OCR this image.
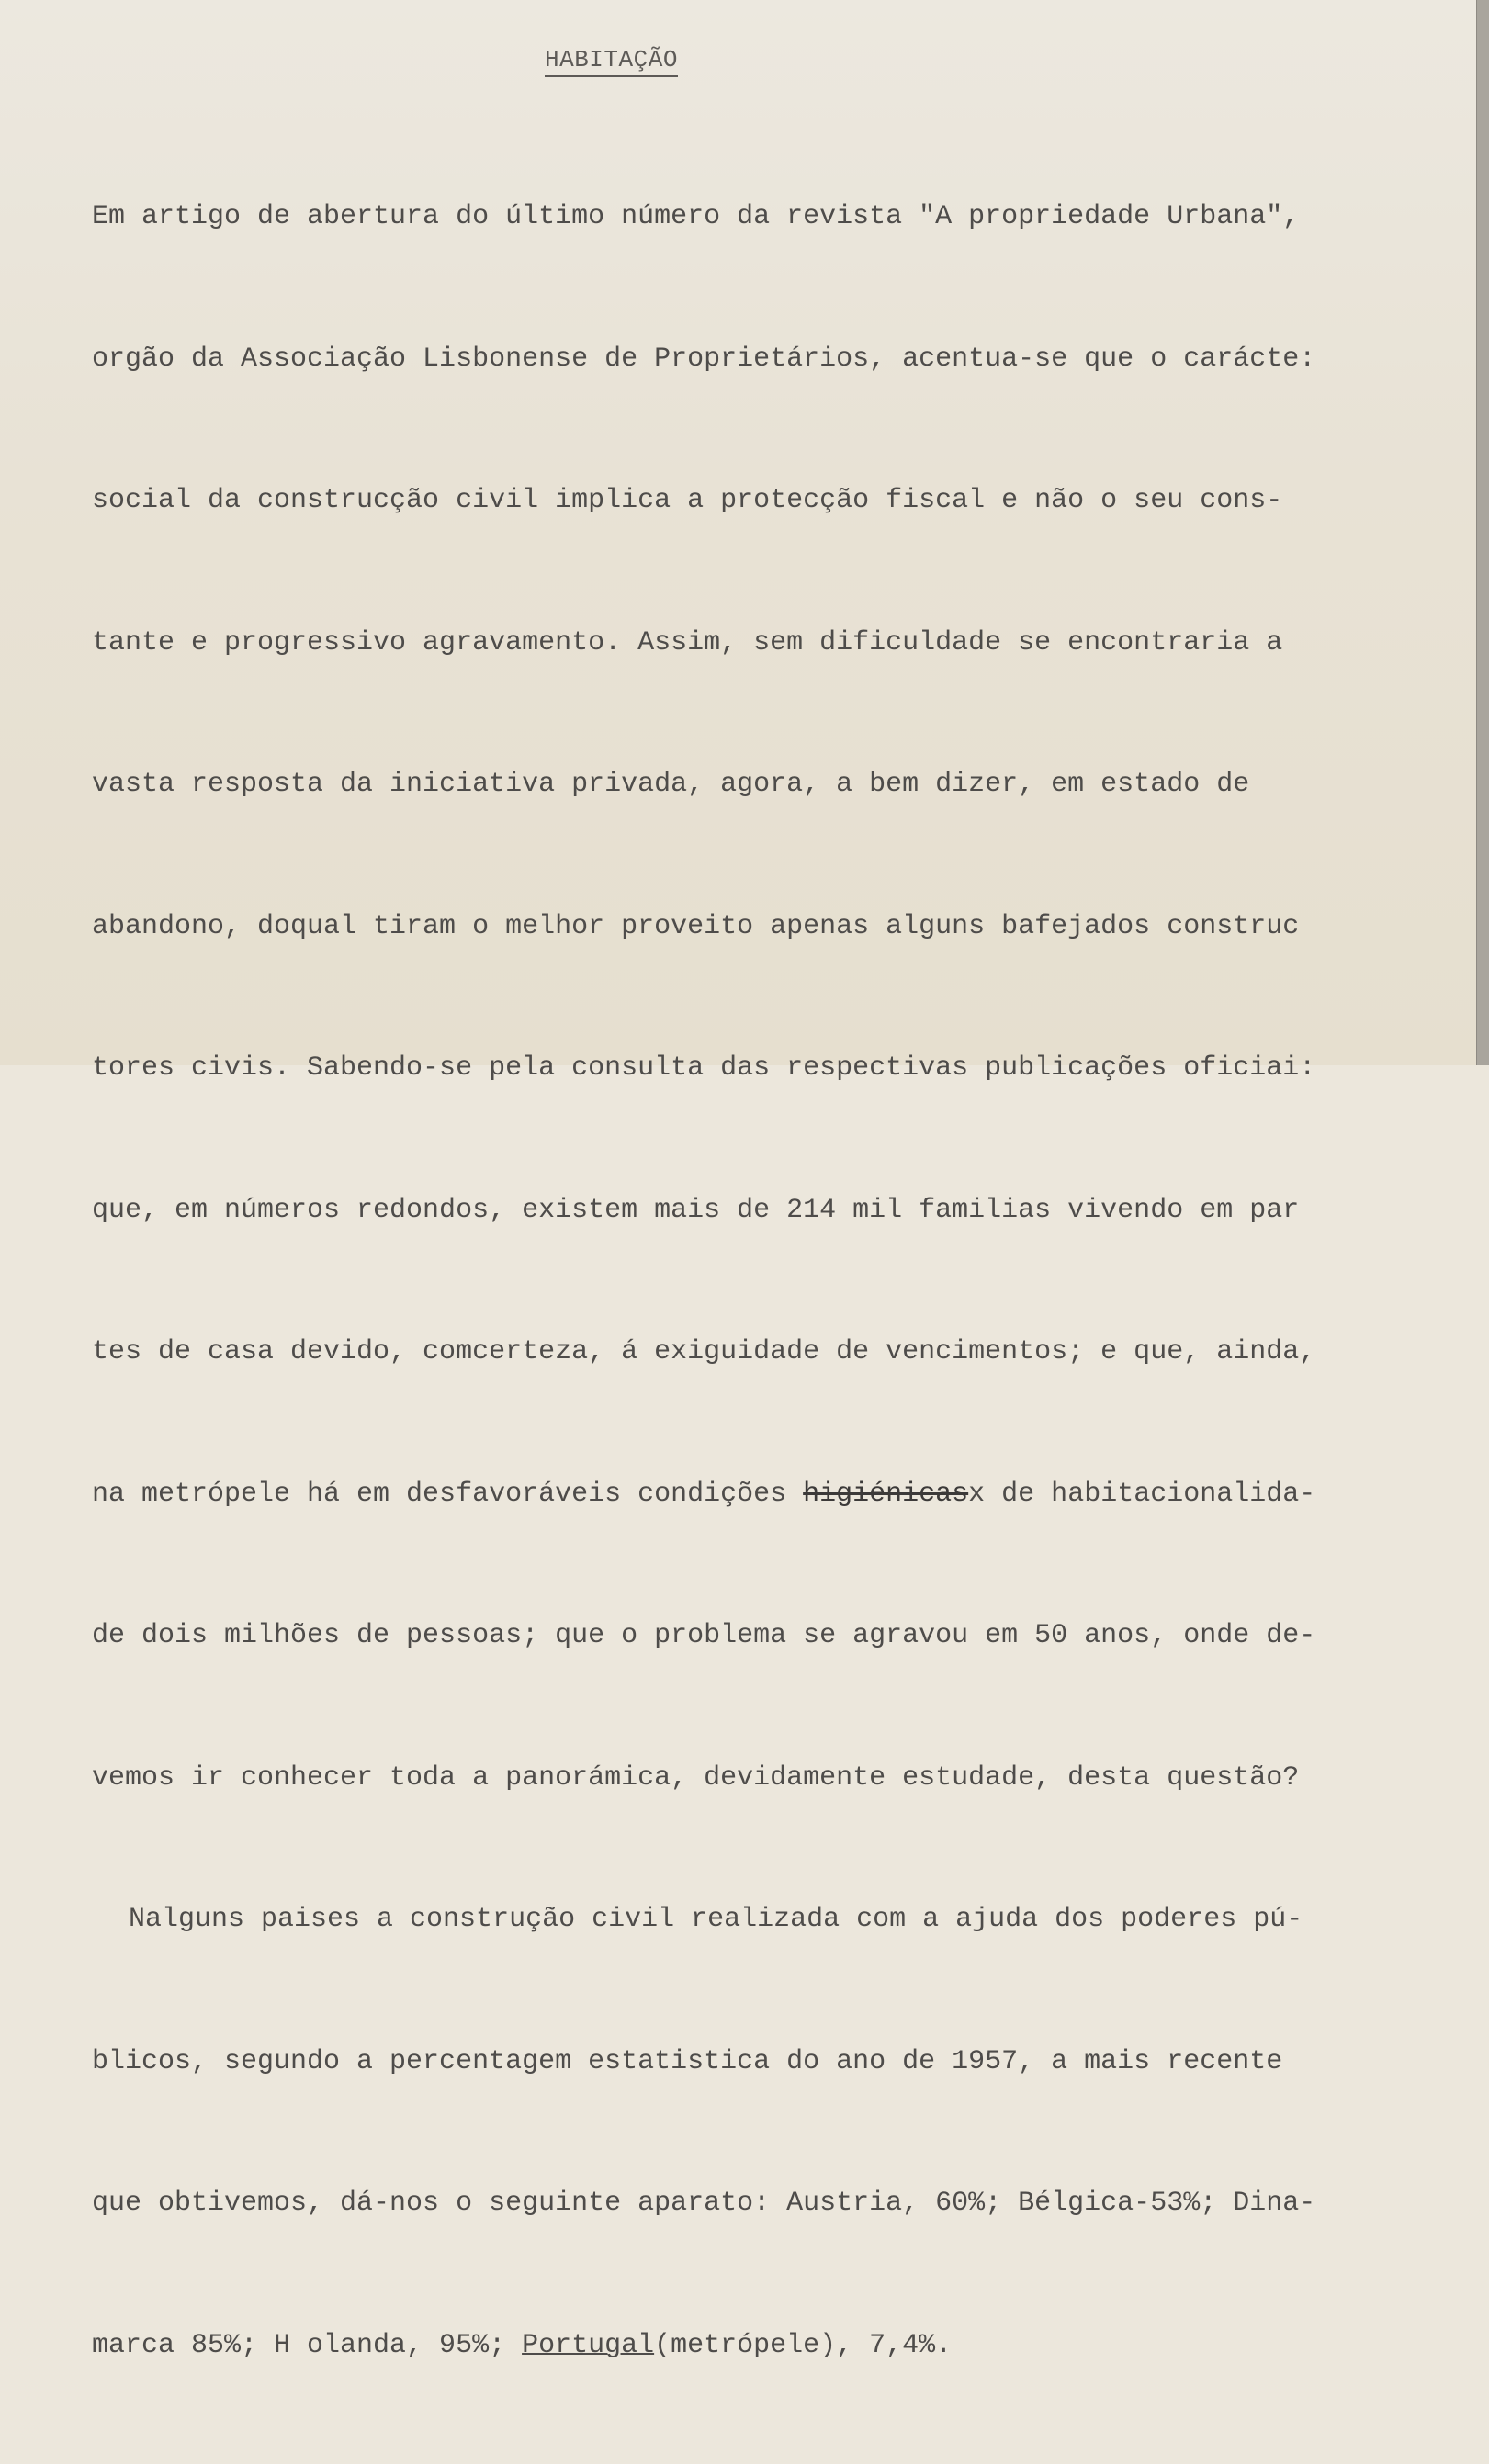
HABITAÇÃO

Em artigo de abertura do último número da revista "A propriedade Urbana",

orgão da Associação Lisbonense de Proprietários, acentua-se que o carácte:

social da construcção civil implica a protecção fiscal e não o seu cons-

tante e progressivo agravamento. Assim, sem dificuldade se encontraria a

vasta resposta da iniciativa privada, agora, a bem dizer, em estado de

abandono, doqual tiram o melhor proveito apenas alguns bafejados construc

tores civis. Sabendo-se pela consulta das respectivas publicações oficiai:

que, em números redondos, existem mais de 214 mil familias vivendo em par

tes de casa devido, comcerteza, á exiguidade de vencimentos; e que, ainda,

na metrópele há em desfavoráveis condições higiénicasx de habitacionalida-

de dois milhões de pessoas; que o problema se agravou em 50 anos, onde de-

vemos ir conhecer toda a panorámica, devidamente estudade, desta questão?

Nalguns paises a construção civil realizada com a ajuda dos poderes pú-

blicos, segundo a percentagem estatistica do ano de 1957, a mais recente

que obtivemos, dá-nos o seguinte aparato: Austria, 60%; Bélgica-53%; Dina-

marca 85%; H olanda, 95%; Portugal(metrópele), 7,4%.
